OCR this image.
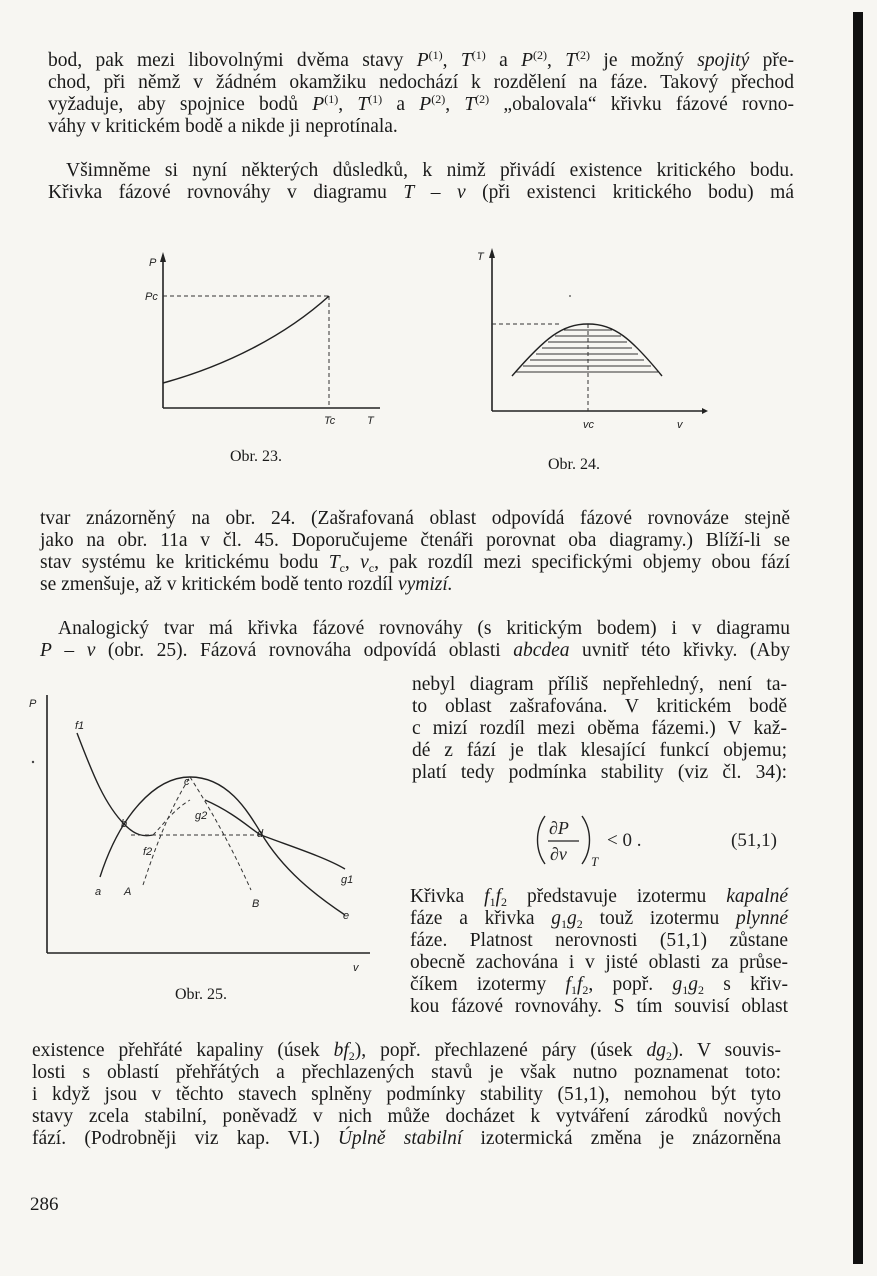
bod, pak mezi libovolnými dvěma stavy $P^{(1)}$, $T^{(1)}$ a $P^{(2)}$, $T^{(2)}$ je možný spojitý pře-

chod, při němž v žádném okamžiku nedochází k rozdělení na fáze. Takový přechod

vyžaduje, aby spojnice bodů $P^{(1)}$, $T^{(1)}$ a $P^{(2)}$, $T^{(2)}$ „obalovala“ křivku fázové rovno-

váhy v kritickém bodě a nikde ji neprotínala.

Všimněme si nyní některých důsledků, k nimž přivádí existence kritického bodu.

Křivka fázové rovnováhy v diagramu T – v (při existenci kritického bodu) má

P
Pc
Tc	T
Obr. 23.
T
vc	v
Obr. 24.

tvar znázorněný na obr. 24. (Zašrafovaná oblast odpovídá fázové rovnováze stejně

jako na obr. 11a v čl. 45. Doporučujeme čtenáři porovnat oba diagramy.) Blíží-li se

stav systému ke kritickému bodu $T_c$, $v_c$, pak rozdíl mezi specifickými objemy obou fází

se zmenšuje, až v kritickém bodě tento rozdíl vymizí.

Analogický tvar má křivka fázové rovnováhy (s kritickým bodem) i v diagramu

P – v (obr. 25). Fázová rovnováha odpovídá oblasti abcdea uvnitř této křivky. (Aby

nebyl diagram příliš nepřehledný, není ta-

to oblast zašrafována. V kritickém bodě

c mizí rozdíl mezi oběma fázemi.) V kaž-

dé z fází je tlak klesající funkcí objemu;

platí tedy podmínka stability (viz čl. 34):

∂P
∂v T
< 0 .	(51,1)
P
v
f1
f2
g1
g2
a
b
c
d
e
A
B
Obr. 25.

Křivka $f_1f_2$ představuje izotermu kapalné

fáze a křivka $g_1g_2$ touž izotermu plynné

fáze. Platnost nerovnosti (51,1) zůstane

obecně zachována i v jisté oblasti za průse-

číkem izotermy $f_1f_2$, popř. $g_1g_2$ s křiv-

kou fázové rovnováhy. S tím souvisí oblast

existence přehřáté kapaliny (úsek $bf_2$), popř. přechlazené páry (úsek $dg_2$). V souvis-

losti s oblastí přehřátých a přechlazených stavů je však nutno poznamenat toto:

i když jsou v těchto stavech splněny podmínky stability (51,1), nemohou být tyto

stavy zcela stabilní, poněvadž v nich může docházet k vytváření zárodků nových

fází. (Podrobněji viz kap. VI.) Úplně stabilní izotermická změna je znázorněna

286
